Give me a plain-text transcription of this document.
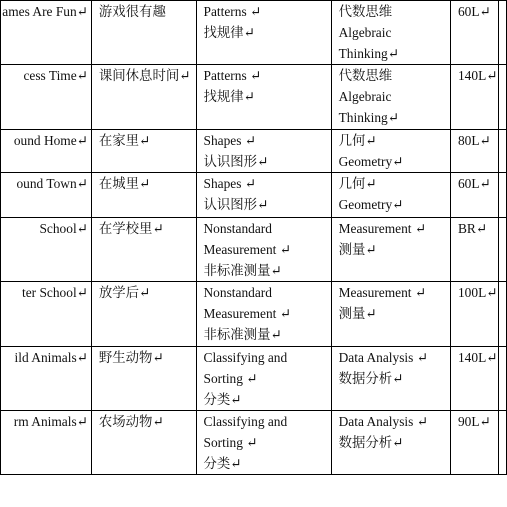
ames Are Fun↵	游戏很有趣	Patterns ↵
找规律↵	代数思维
Algebraic
Thinking↵	60L↵	
cess Time↵	课间休息时间↵	Patterns ↵
找规律↵	代数思维
Algebraic
Thinking↵	140L↵	
ound Home↵	在家里↵	Shapes ↵
认识图形↵	几何↵
Geometry↵	80L↵	
ound Town↵	在城里↵	Shapes ↵
认识图形↵	几何↵
Geometry↵	60L↵	
School↵	在学校里↵	Nonstandard
Measurement ↵
非标准测量↵	Measurement ↵
测量↵	BR↵	
ter School↵	放学后↵	Nonstandard
Measurement ↵
非标准测量↵	Measurement ↵
测量↵	100L↵	
ild Animals↵	野生动物↵	Classifying and
Sorting ↵
分类↵	Data Analysis ↵
数据分析↵	140L↵	
rm Animals↵	农场动物↵	Classifying and
Sorting ↵
分类↵	Data Analysis ↵
数据分析↵	90L↵	
